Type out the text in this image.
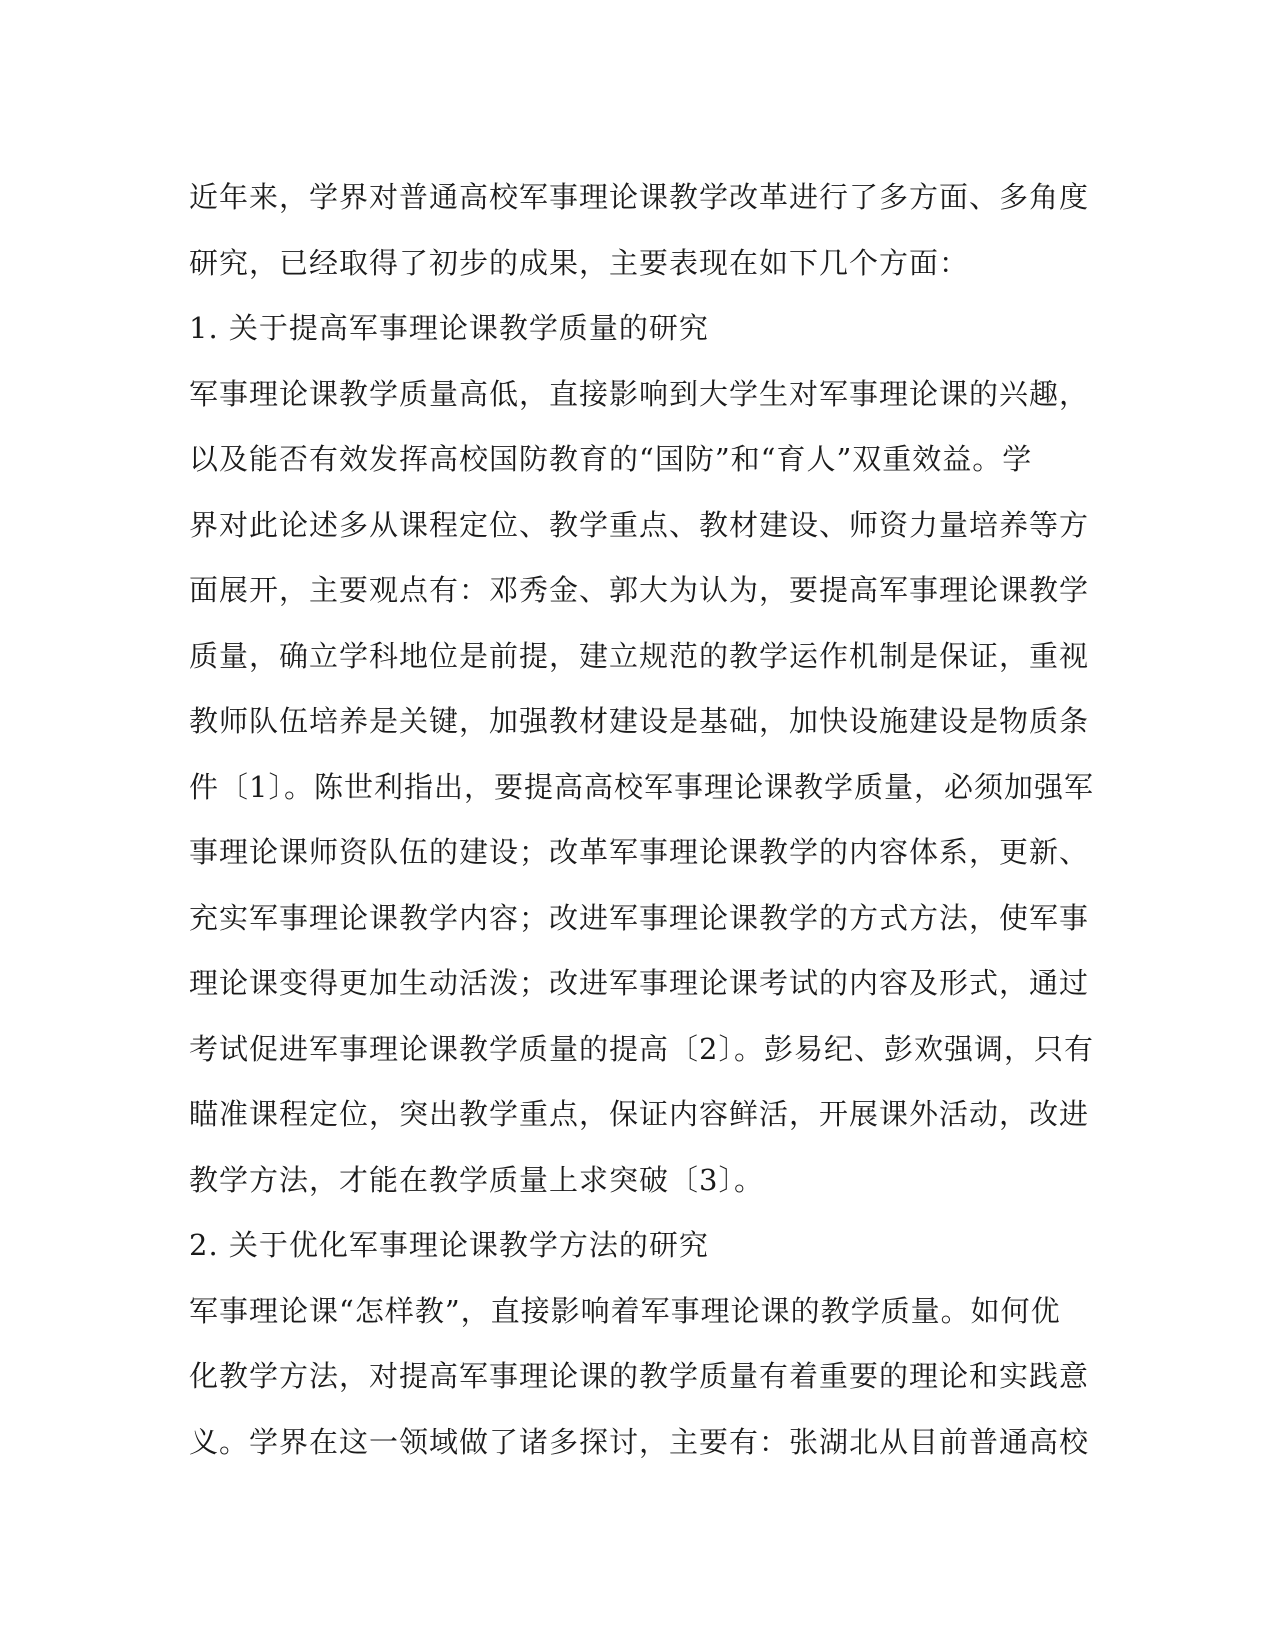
近年来，学界对普通高校军事理论课教学改革进行了多方面、多角度
研究，已经取得了初步的成果，主要表现在如下几个方面：
1. 关于提高军事理论课教学质量的研究
军事理论课教学质量高低，直接影响到大学生对军事理论课的兴趣，
以及能否有效发挥高校国防教育的“国防”和“育人”双重效益。学
界对此论述多从课程定位、教学重点、教材建设、师资力量培养等方
面展开，主要观点有：邓秀金、郭大为认为，要提高军事理论课教学
质量，确立学科地位是前提，建立规范的教学运作机制是保证，重视
教师队伍培养是关键，加强教材建设是基础，加快设施建设是物质条
件〔1〕。陈世利指出，要提高高校军事理论课教学质量，必须加强军
事理论课师资队伍的建设；改革军事理论课教学的内容体系，更新、
充实军事理论课教学内容；改进军事理论课教学的方式方法，使军事
理论课变得更加生动活泼；改进军事理论课考试的内容及形式，通过
考试促进军事理论课教学质量的提高〔2〕。彭易纪、彭欢强调，只有
瞄准课程定位，突出教学重点，保证内容鲜活，开展课外活动，改进
教学方法，才能在教学质量上求突破〔3〕。
2. 关于优化军事理论课教学方法的研究
军事理论课“怎样教”，直接影响着军事理论课的教学质量。如何优
化教学方法，对提高军事理论课的教学质量有着重要的理论和实践意
义。学界在这一领域做了诸多探讨，主要有：张湖北从目前普通高校
